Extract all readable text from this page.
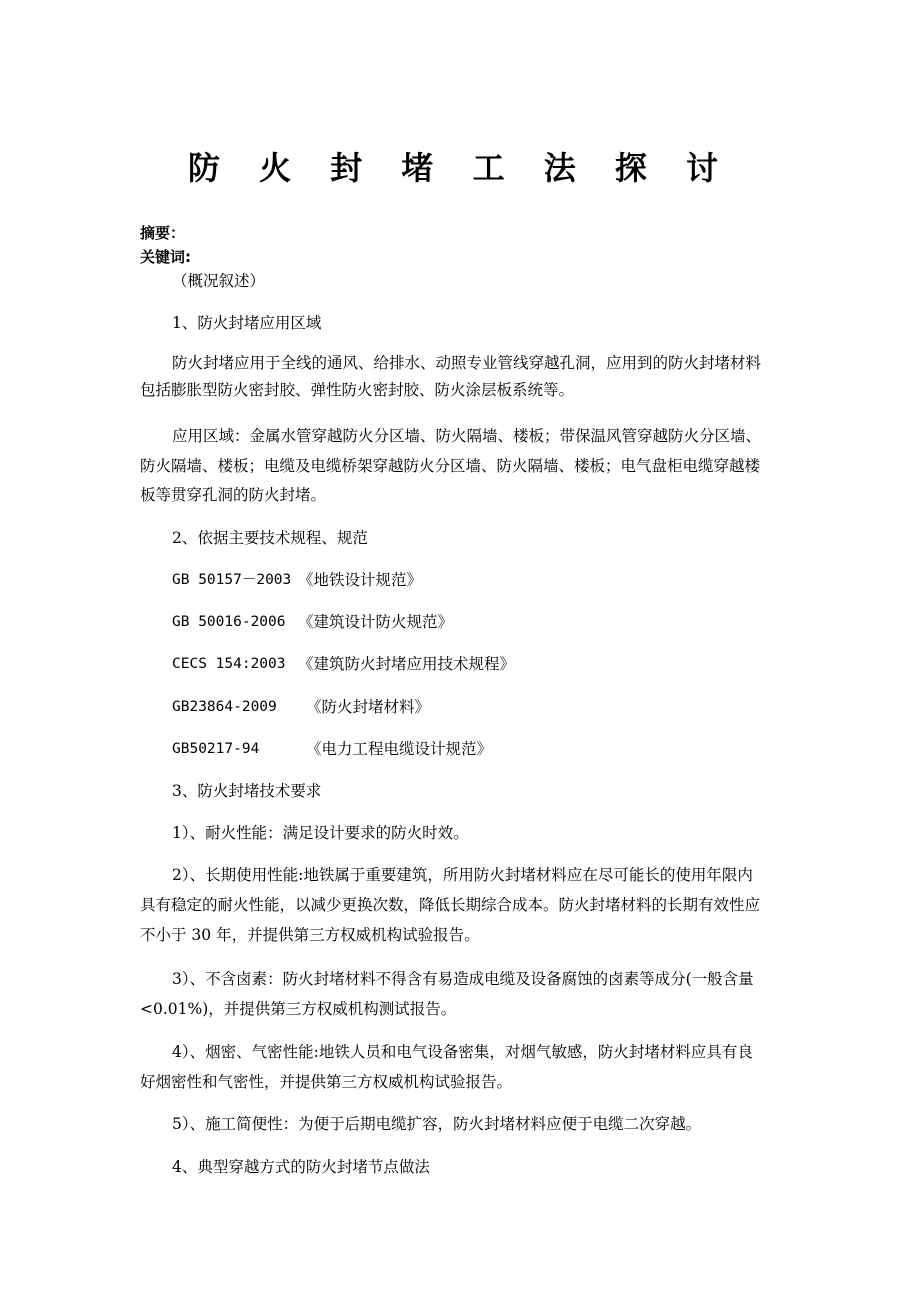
防 火 封 堵 工 法 探 讨
摘要：
关键词:
（概况叙述）
1、防火封堵应用区域
防火封堵应用于全线的通风、给排水、动照专业管线穿越孔洞，应用到的防火封堵材料
包括膨胀型防火密封胶、弹性防火密封胶、防火涂层板系统等。
应用区域：金属水管穿越防火分区墙、防火隔墙、楼板；带保温风管穿越防火分区墙、
防火隔墙、楼板；电缆及电缆桥架穿越防火分区墙、防火隔墙、楼板；电气盘柜电缆穿越楼
板等贯穿孔洞的防火封堵。
2、依据主要技术规程、规范
GB 50157－2003 《地铁设计规范》
GB 50016-2006 《建筑设计防火规范》
CECS 154:2003 《建筑防火封堵应用技术规程》
GB23864-2009 《防火封堵材料》
GB50217-94	《电力工程电缆设计规范》
3、防火封堵技术要求
1）、耐火性能：满足设计要求的防火时效。
2）、长期使用性能:地铁属于重要建筑，所用防火封堵材料应在尽可能长的使用年限内
具有稳定的耐火性能，以减少更换次数，降低长期综合成本。防火封堵材料的长期有效性应
不小于 30 年，并提供第三方权威机构试验报告。
3）、不含卤素：防火封堵材料不得含有易造成电缆及设备腐蚀的卤素等成分(一般含量
<0.01%)，并提供第三方权威机构测试报告。
4）、烟密、气密性能:地铁人员和电气设备密集，对烟气敏感，防火封堵材料应具有良
好烟密性和气密性，并提供第三方权威机构试验报告。
5）、施工简便性：为便于后期电缆扩容，防火封堵材料应便于电缆二次穿越。
4、典型穿越方式的防火封堵节点做法
